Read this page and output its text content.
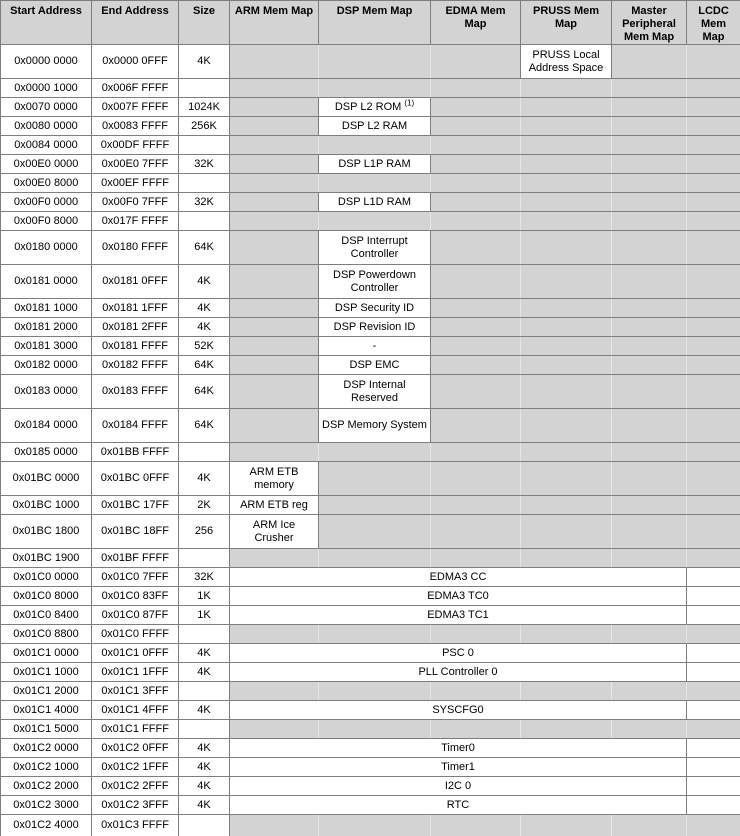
Start Address	End Address	Size	ARM Mem Map	DSP Mem Map	EDMA Mem Map	PRUSS Mem Map	Master Peripheral Mem Map	LCDC Mem Map
0x0000 0000	0x0000 0FFF	4K				PRUSS Local Address Space		
0x0000 1000	0x006F FFFF							
0x0070 0000	0x007F FFFF	1024K		DSP L2 ROM $^{(1)}$				
0x0080 0000	0x0083 FFFF	256K		DSP L2 RAM				
0x0084 0000	0x00DF FFFF							
0x00E0 0000	0x00E0 7FFF	32K		DSP L1P RAM				
0x00E0 8000	0x00EF FFFF							
0x00F0 0000	0x00F0 7FFF	32K		DSP L1D RAM				
0x00F0 8000	0x017F FFFF							
0x0180 0000	0x0180 FFFF	64K		DSP Interrupt Controller				
0x0181 0000	0x0181 0FFF	4K		DSP Powerdown Controller				
0x0181 1000	0x0181 1FFF	4K		DSP Security ID				
0x0181 2000	0x0181 2FFF	4K		DSP Revision ID				
0x0181 3000	0x0181 FFFF	52K		-				
0x0182 0000	0x0182 FFFF	64K		DSP EMC				
0x0183 0000	0x0183 FFFF	64K		DSP Internal Reserved				
0x0184 0000	0x0184 FFFF	64K		DSP Memory System				
0x0185 0000	0x01BB FFFF							
0x01BC 0000	0x01BC 0FFF	4K	ARM ETB memory					
0x01BC 1000	0x01BC 17FF	2K	ARM ETB reg					
0x01BC 1800	0x01BC 18FF	256	ARM Ice Crusher					
0x01BC 1900	0x01BF FFFF							
0x01C0 0000	0x01C0 7FFF	32K	EDMA3 CC					
0x01C0 8000	0x01C0 83FF	1K	EDMA3 TC0					
0x01C0 8400	0x01C0 87FF	1K	EDMA3 TC1					
0x01C0 8800	0x01C0 FFFF							
0x01C1 0000	0x01C1 0FFF	4K	PSC 0					
0x01C1 1000	0x01C1 1FFF	4K	PLL Controller 0					
0x01C1 2000	0x01C1 3FFF							
0x01C1 4000	0x01C1 4FFF	4K	SYSCFG0					
0x01C1 5000	0x01C1 FFFF							
0x01C2 0000	0x01C2 0FFF	4K	Timer0					
0x01C2 1000	0x01C2 1FFF	4K	Timer1					
0x01C2 2000	0x01C2 2FFF	4K	I2C 0					
0x01C2 3000	0x01C2 3FFF	4K	RTC					
0x01C2 4000	0x01C3 FFFF							
